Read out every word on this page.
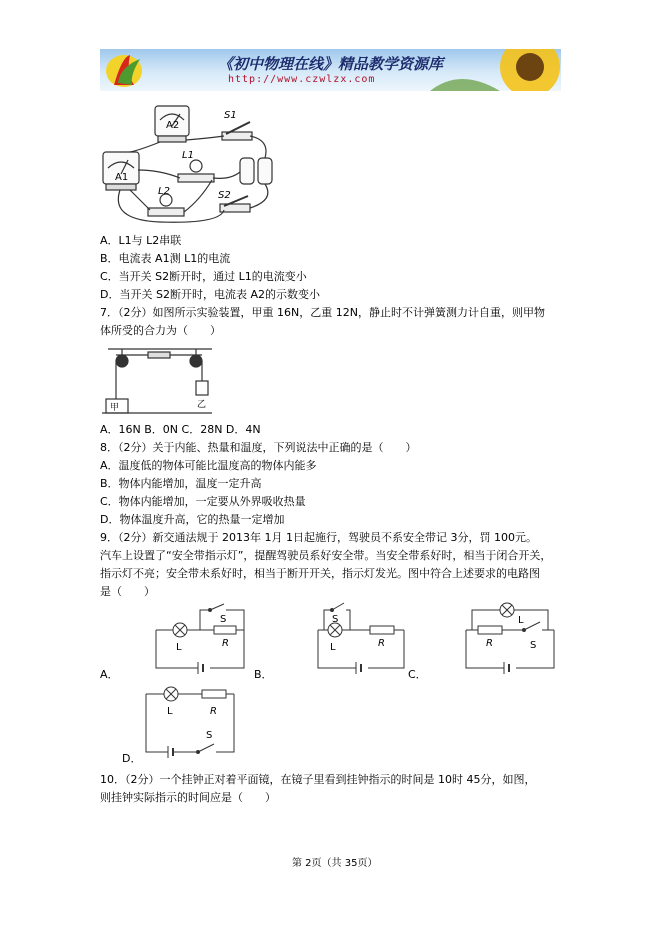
《初中物理在线》精品教学资源库
http://www.czwlzx.com
A2
A1
S1
L1
L2	S2
A．L1与 L2串联
B．电流表 A1测 L1的电流
C．当开关 S2断开时，通过 L1的电流变小
D．当开关 S2断开时，电流表 A2的示数变小
7．（2分）如图所示实验装置，甲重 16N，乙重 12N，静止时不计弹簧测力计自重，则甲物
体所受的合力为（　　）
甲	乙
A．16N B．0N C．28N D．4N
8．（2分）关于内能、热量和温度，下列说法中正确的是（　　）
A．温度低的物体可能比温度高的物体内能多
B．物体内能增加，温度一定升高
C．物体内能增加，一定要从外界吸收热量
D．物体温度升高，它的热量一定增加
9．（2分）新交通法规于 2013年 1月 1日起施行，驾驶员不系安全带记 3分，罚 100元。
汽车上设置了“安全带指示灯”，提醒驾驶员系好安全带。当安全带系好时，相当于闭合开关，
指示灯不亮；安全带未系好时，相当于断开开关，指示灯发光。图中符合上述要求的电路图
是（　　）
L	R
S
L	R
S	L
R	S
L	R
S
A．	B．	C．
D．
10．（2分）一个挂钟正对着平面镜，在镜子里看到挂钟指示的时间是 10时 45分，如图，
则挂钟实际指示的时间应是（　　）
第 2页（共 35页）
